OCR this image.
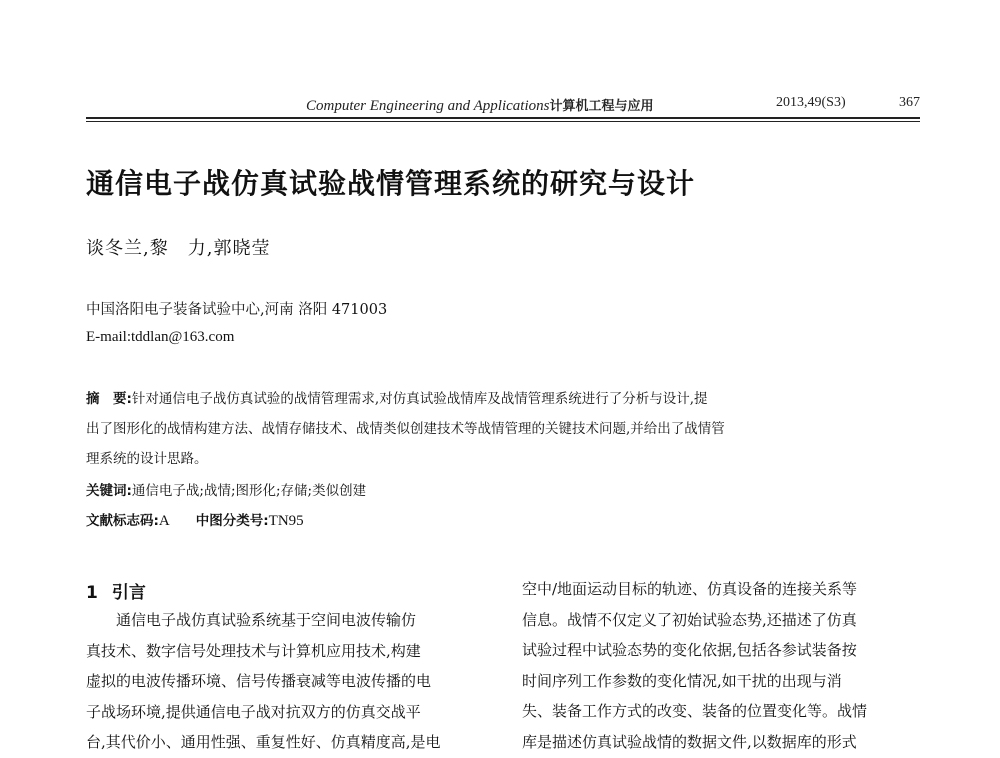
Computer Engineering and Applications计算机工程与应用	2013,49(S3)	367
通信电子战仿真试验战情管理系统的研究与设计
谈冬兰,黎　力,郭晓莹
中国洛阳电子装备试验中心,河南 洛阳 471003
E-mail:tddlan@163.com
摘　要:针对通信电子战仿真试验的战情管理需求,对仿真试验战情库及战情管理系统进行了分析与设计,提
出了图形化的战情构建方法、战情存储技术、战情类似创建技术等战情管理的关键技术问题,并给出了战情管
理系统的设计思路。
关键词:通信电子战;战情;图形化;存储;类似创建
文献标志码:A 中图分类号:TN95
1 引言
通信电子战仿真试验系统基于空间电波传输仿
真技术、数字信号处理技术与计算机应用技术,构建
虚拟的电波传播环境、信号传播衰减等电波传播的电
子战场环境,提供通信电子战对抗双方的仿真交战平
台,其代价小、通用性强、重复性好、仿真精度高,是电
空中/地面运动目标的轨迹、仿真设备的连接关系等
信息。战情不仅定义了初始试验态势,还描述了仿真
试验过程中试验态势的变化依据,包括各参试装备按
时间序列工作参数的变化情况,如干扰的出现与消
失、装备工作方式的改变、装备的位置变化等。战情
库是描述仿真试验战情的数据文件,以数据库的形式
